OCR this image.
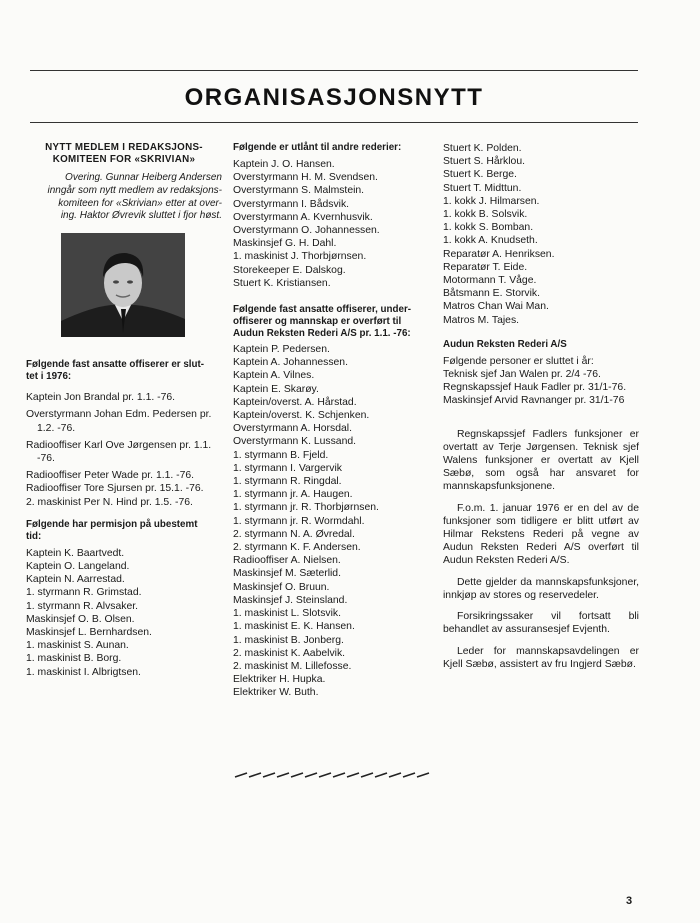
ORGANISASJONSNYTT
NYTT MEDLEM I REDAKSJONS-
KOMITEEN FOR «SKRIVIAN»
Overing. Gunnar Heiberg Andersen
inngår som nytt medlem av redaksjons-
komiteen for «Skrivian» etter at over-
ing. Haktor Øvrevik sluttet i fjor høst.
Følgende fast ansatte offiserer er slut-
tet i 1976:
Kaptein Jon Brandal pr. 1.1. -76.
Overstyrmann Johan Edm. Pedersen pr. 1.2. -76.
Radiooffiser Karl Ove Jørgensen pr. 1.1. -76.
Radiooffiser Peter Wade pr. 1.1. -76.
Radiooffiser Tore Sjursen pr. 15.1. -76.
2. maskinist Per N. Hind pr. 1.5. -76.
Følgende har permisjon på ubestemt
tid:
Kaptein K. Baartvedt.
Kaptein O. Langeland.
Kaptein N. Aarrestad.
1. styrmann R. Grimstad.
1. styrmann R. Alvsaker.
Maskinsjef O. B. Olsen.
Maskinsjef L. Bernhardsen.
1. maskinist S. Aunan.
1. maskinist B. Borg.
1. maskinist I. Albrigtsen.
Følgende er utlånt til andre rederier:
Kaptein J. O. Hansen.
Overstyrmann H. M. Svendsen.
Overstyrmann S. Malmstein.
Overstyrmann I. Bådsvik.
Overstyrmann A. Kvernhusvik.
Overstyrmann O. Johannessen.
Maskinsjef G. H. Dahl.
1. maskinist J. Thorbjørnsen.
Storekeeper E. Dalskog.
Stuert K. Kristiansen.
Følgende fast ansatte offiserer, under-
offiserer og mannskap er overført til
Audun Reksten Rederi A/S pr. 1.1. -76:
Kaptein P. Pedersen.
Kaptein A. Johannessen.
Kaptein A. Vilnes.
Kaptein E. Skarøy.
Kaptein/overst. A. Hårstad.
Kaptein/overst. K. Schjenken.
Overstyrmann A. Horsdal.
Overstyrmann K. Lussand.
1. styrmann B. Fjeld.
1. styrmann I. Vargervik
1. styrmann R. Ringdal.
1. styrmann jr. A. Haugen.
1. styrmann jr. R. Thorbjørnsen.
1. styrmann jr. R. Wormdahl.
2. styrmann N. A. Øvredal.
2. styrmann K. F. Andersen.
Radiooffiser A. Nielsen.
Maskinsjef M. Sæterlid.
Maskinsjef O. Bruun.
Maskinsjef J. Steinsland.
1. maskinist L. Slotsvik.
1. maskinist E. K. Hansen.
1. maskinist B. Jonberg.
2. maskinist K. Aabelvik.
2. maskinist M. Lillefosse.
Elektriker H. Hupka.
Elektriker W. Buth.
Stuert K. Polden.
Stuert S. Hårklou.
Stuert K. Berge.
Stuert T. Midttun.
1. kokk J. Hilmarsen.
1. kokk B. Solsvik.
1. kokk S. Bomban.
1. kokk A. Knudseth.
Reparatør A. Henriksen.
Reparatør T. Eide.
Motormann T. Våge.
Båtsmann E. Storvik.
Matros Chan Wai Man.
Matros M. Tajes.
Audun Reksten Rederi A/S
Følgende personer er sluttet i år:
Teknisk sjef Jan Walen pr. 2/4 -76.
Regnskapssjef Hauk Fadler pr. 31/1-76.
Maskinsjef Arvid Ravnanger pr. 31/1-76
Regnskapssjef Fadlers funksjoner er overtatt av Terje Jørgensen. Teknisk sjef Walens funksjoner er overtatt av Kjell Sæbø, som også har ansvaret for mannskapsfunksjonene.
F.o.m. 1. januar 1976 er en del av de funksjoner som tidligere er blitt utført av Hilmar Rekstens Rederi på vegne av Audun Reksten Rederi A/S overført til Audun Reksten Rederi A/S.
Dette gjelder da mannskapsfunksjoner, innkjøp av stores og reservedeler.
Forsikringssaker vil fortsatt bli behandlet av assuransesjef Evjenth.
Leder for mannskapsavdelingen er Kjell Sæbø, assistert av fru Ingjerd Sæbø.
3
